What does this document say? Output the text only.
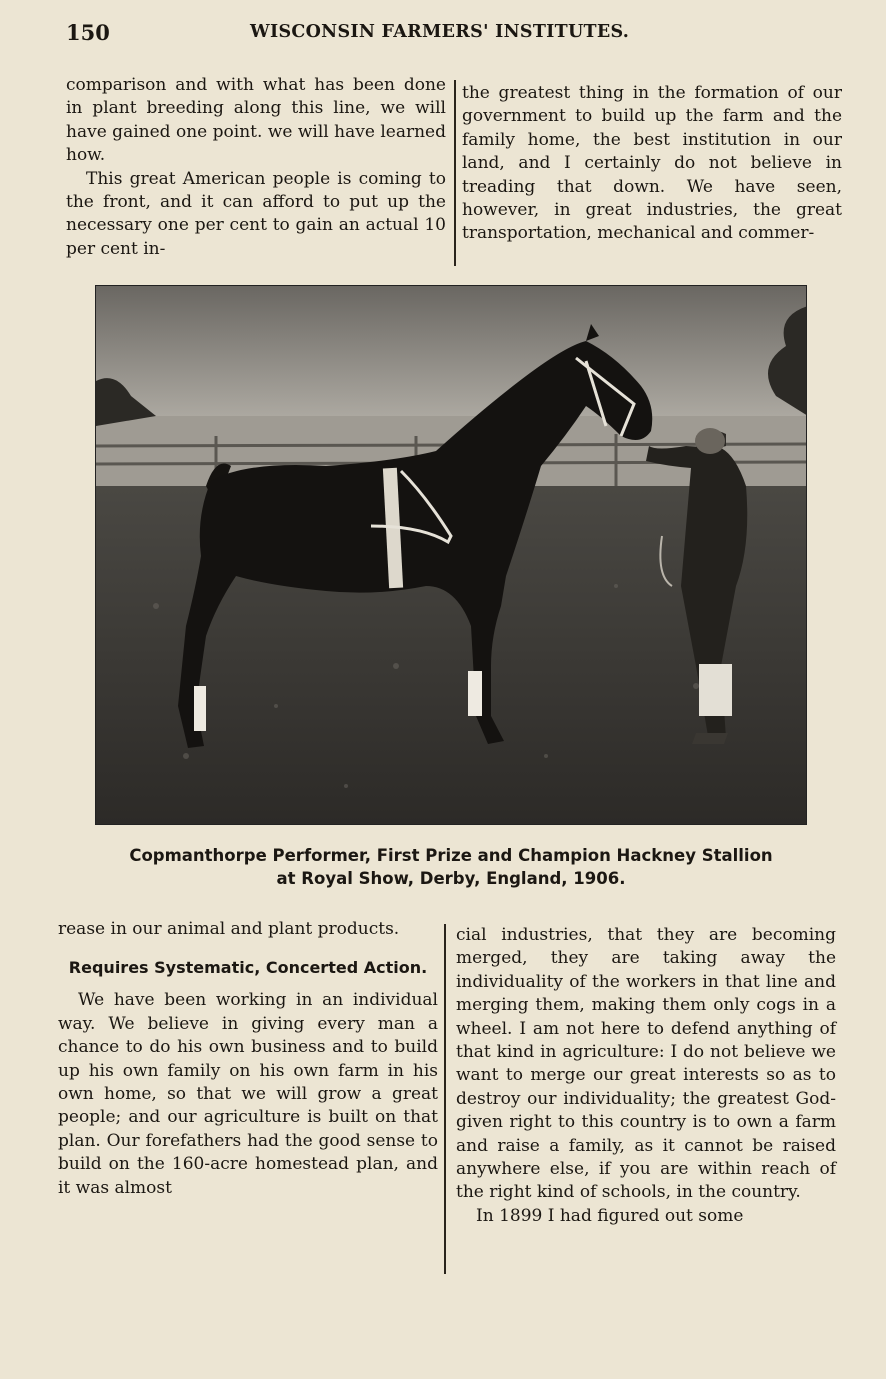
150	WISCONSIN FARMERS' INSTITUTES.

comparison and with what has been done in plant breeding along this line, we will have gained one point. we will have learned how.

This great American people is coming to the front, and it can afford to put up the necessary one per cent to gain an actual 10 per cent in-

the greatest thing in the formation of our government to build up the farm and the family home, the best institution in our land, and I certainly do not believe in treading that down. We have seen, however, in great industries, the great transportation, mechanical and commer-

Copmanthorpe Performer, First Prize and Champion Hackney Stallion
at Royal Show, Derby, England, 1906.

rease in our animal and plant products.

Requires Systematic, Concerted Action.

We have been working in an individual way. We believe in giving every man a chance to do his own business and to build up his own family on his own farm in his own home, so that we will grow a great people; and our agriculture is built on that plan. Our forefathers had the good sense to build on the 160-acre homestead plan, and it was almost

cial industries, that they are becoming merged, they are taking away the individuality of the workers in that line and merging them, making them only cogs in a wheel. I am not here to defend anything of that kind in agriculture: I do not believe we want to merge our great interests so as to destroy our individuality; the greatest God-given right to this country is to own a farm and raise a family, as it cannot be raised anywhere else, if you are within reach of the right kind of schools, in the country.

In 1899 I had figured out some
